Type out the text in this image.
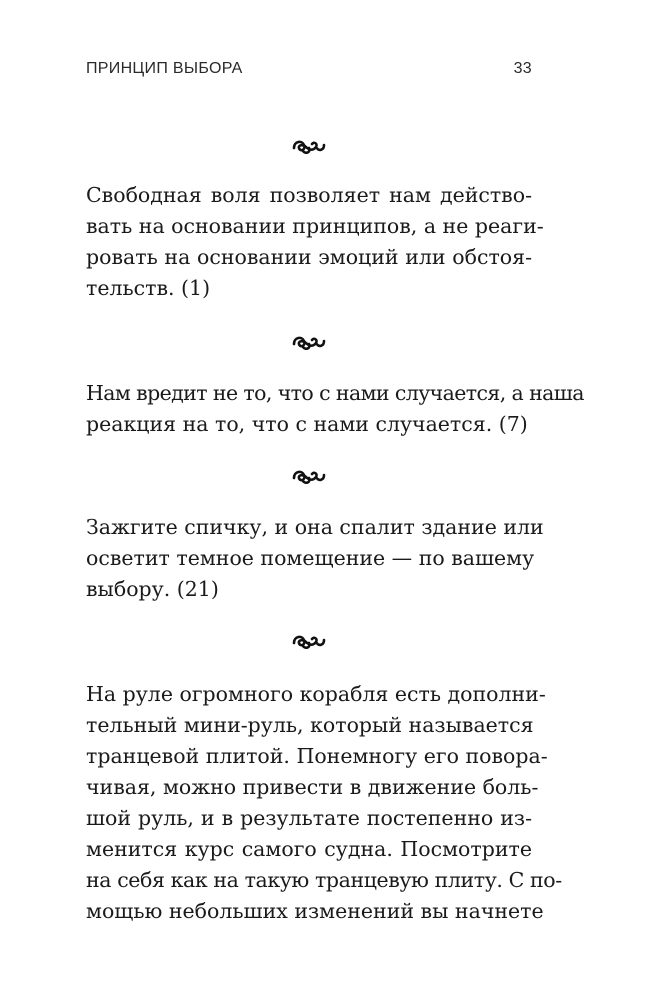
ПРИНЦИП ВЫБОРА	33

Свободная воля позволяет нам действо-
вать на основании принципов, а не реаги-
ровать на основании эмоций или обстоя-
тельств. (1)

Нам вредит не то, что с нами случается, а наша
реакция на то, что с нами случается. (7)

Зажгите спичку, и она спалит здание или
осветит темное помещение — по вашему
выбору. (21)

На руле огромного корабля есть дополни-
тельный мини-руль, который называется
транцевой плитой. Понемногу его повора-
чивая, можно привести в движение боль-
шой руль, и в результате постепенно из-
менится курс самого судна. Посмотрите
на себя как на такую транцевую плиту. С по-
мощью небольших изменений вы начнете
